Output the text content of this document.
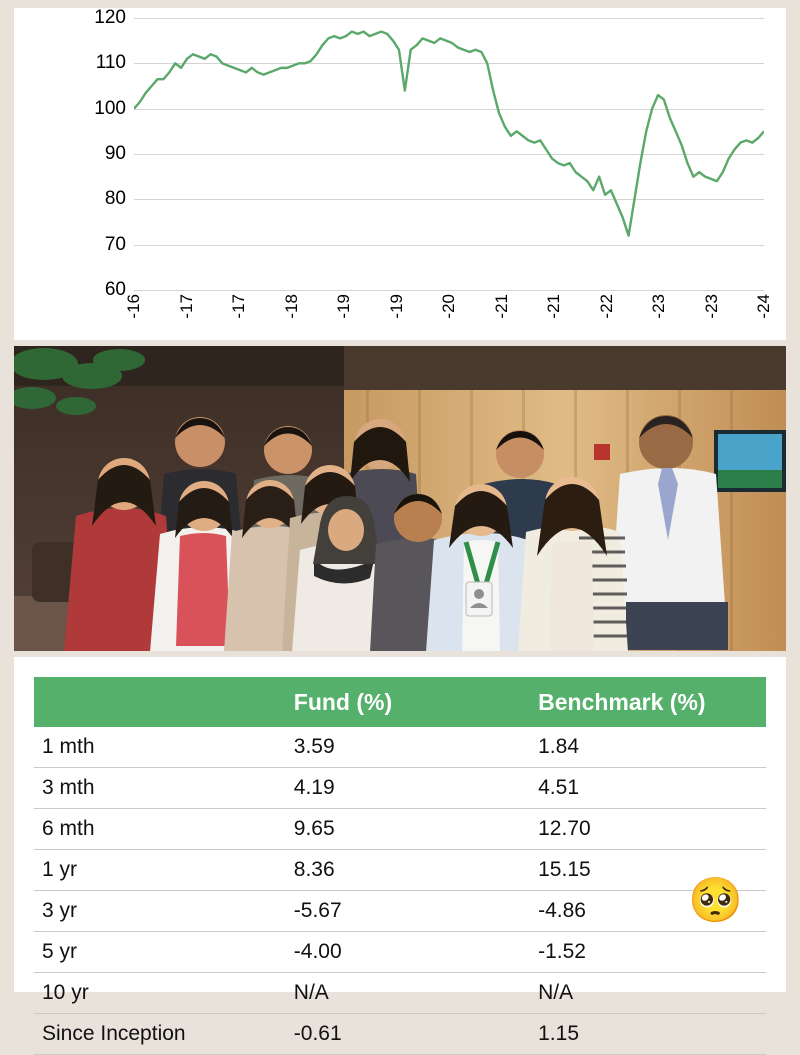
60
70
80
90
100
110
120
-16 -17 -17 -18 -19 -19 -20 -21 -21 -22 -23 -23 -24
	Fund (%)	Benchmark (%)
1 mth	3.59	1.84
3 mth	4.19	4.51
6 mth	9.65	12.70
1 yr	8.36	15.15
3 yr	-5.67	-4.86
5 yr	-4.00	-1.52
10 yr	N/A	N/A
Since Inception	-0.61	1.15
🥺
